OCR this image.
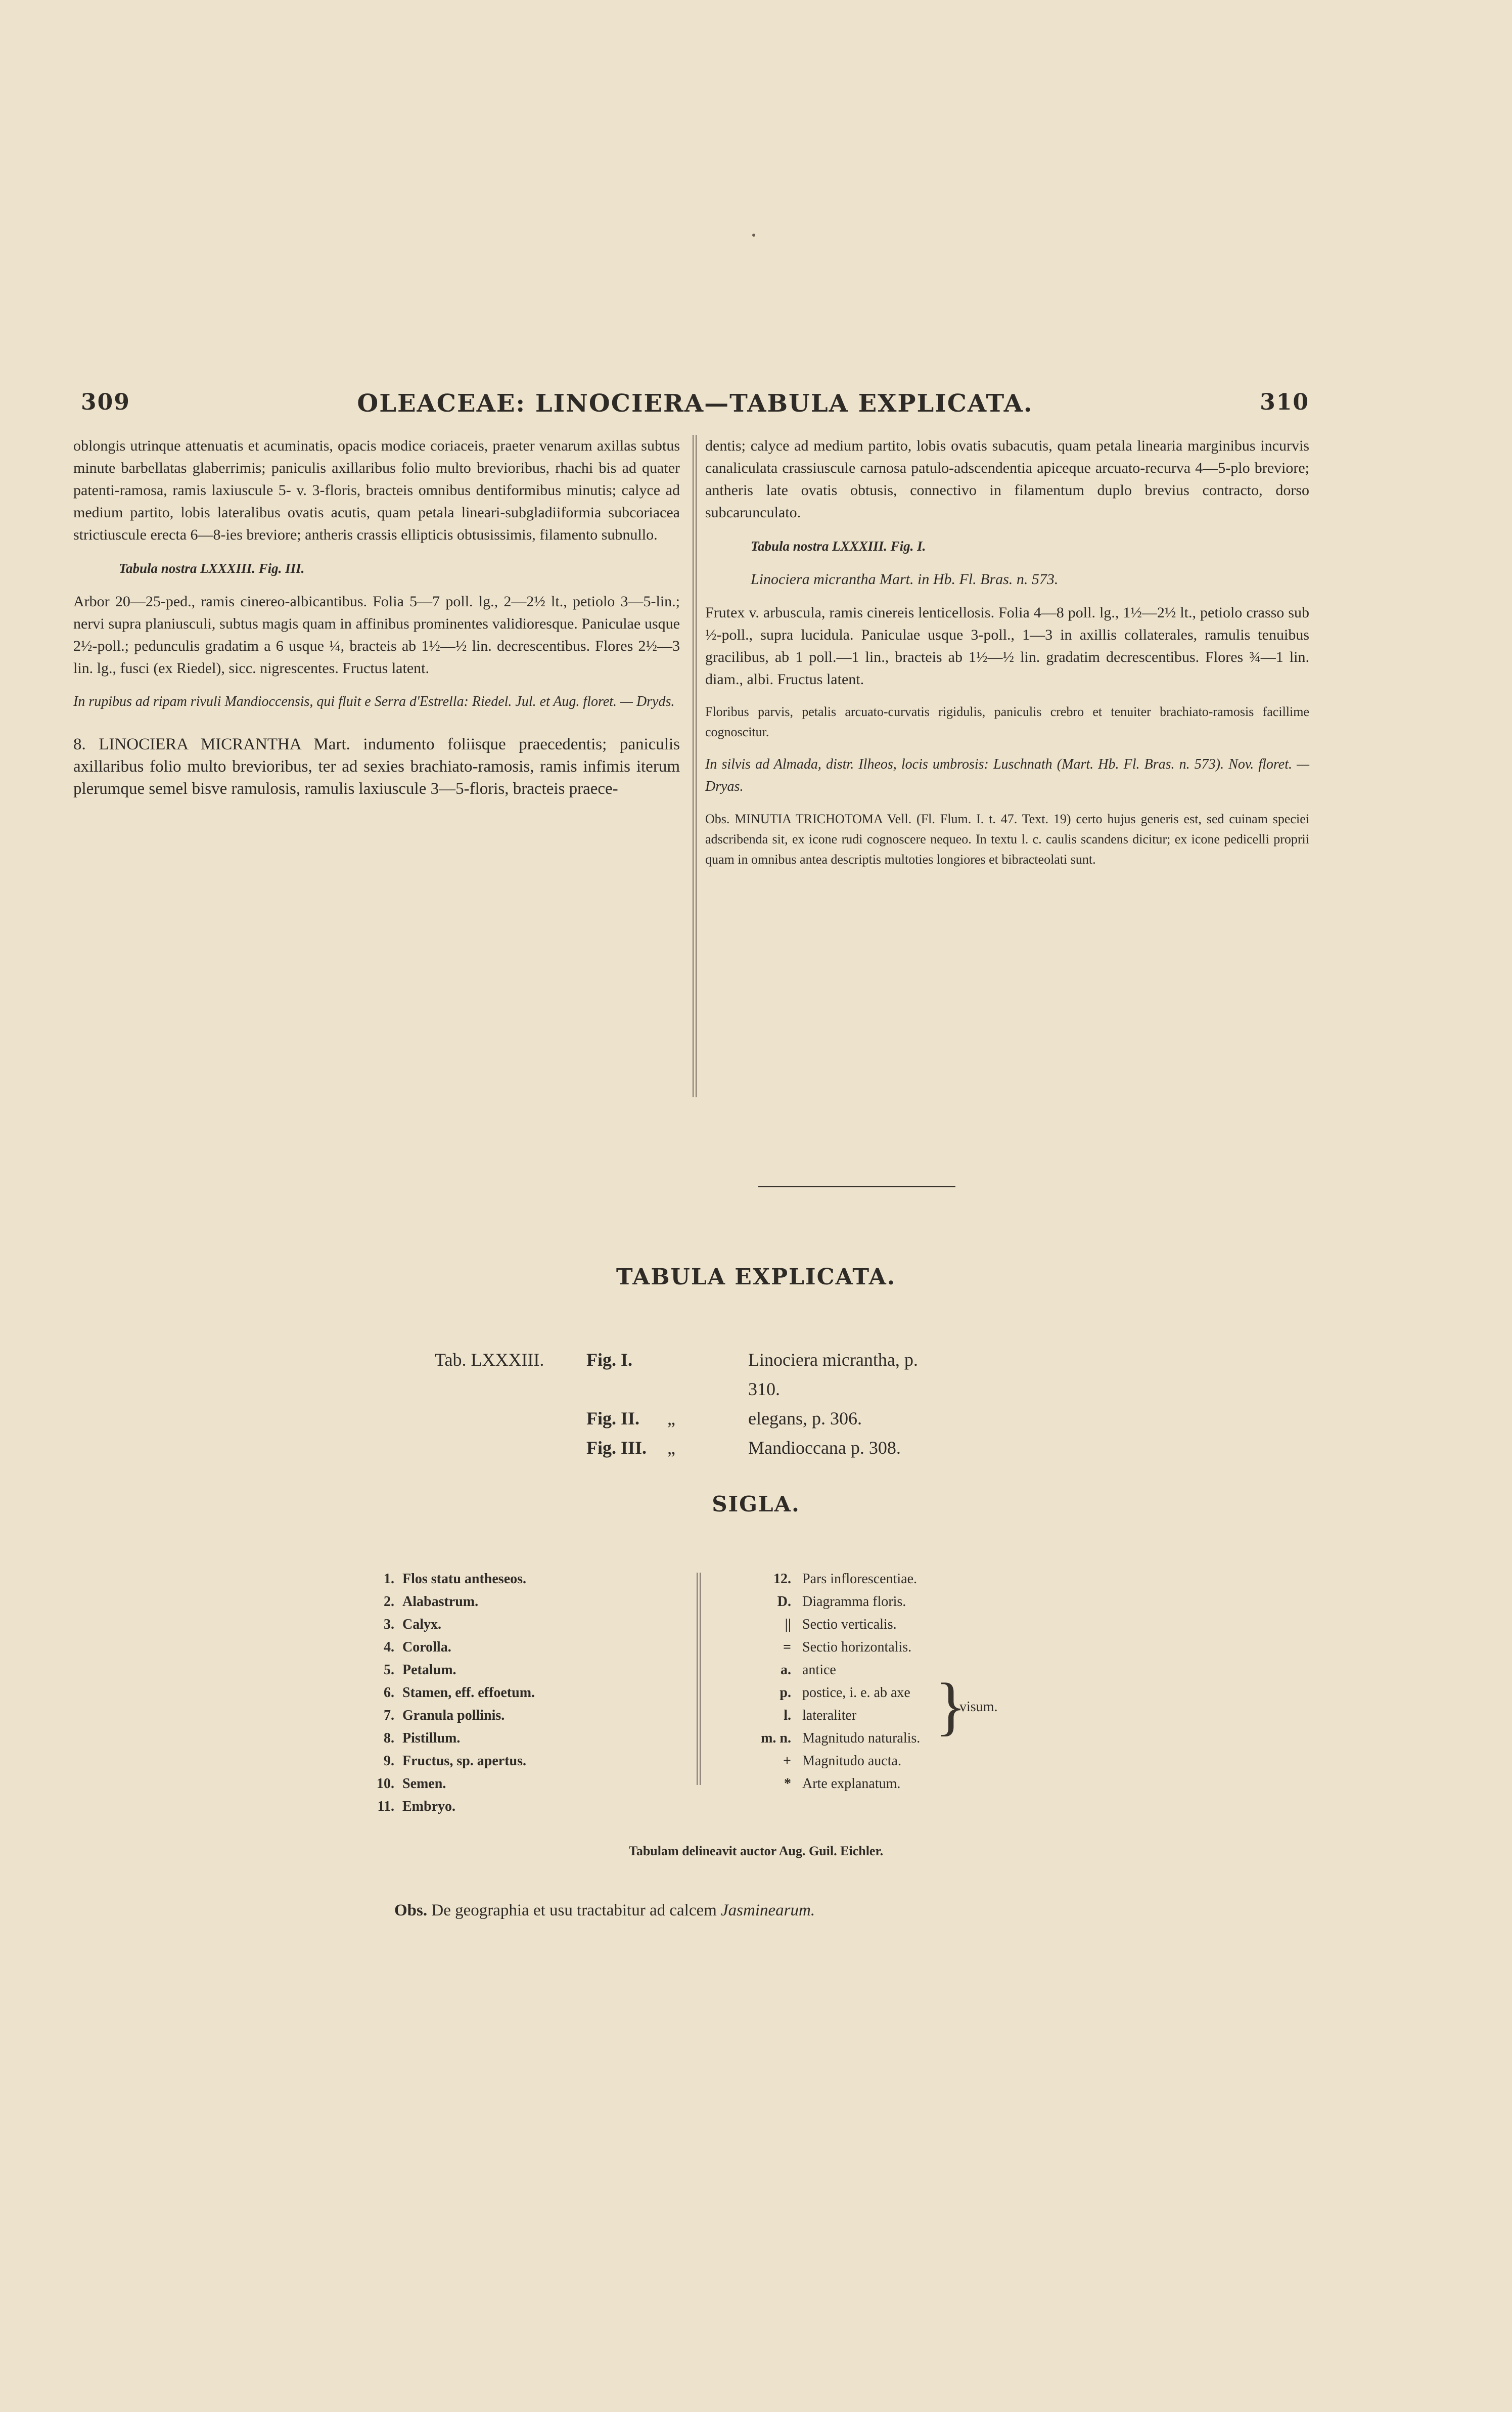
309	OLEACEAE: LINOCIERA—TABULA EXPLICATA.	310

oblongis utrinque attenuatis et acuminatis, opacis modice coriaceis, praeter venarum axillas subtus minute barbellatas glaberrimis; paniculis axillaribus folio multo brevioribus, rhachi bis ad quater patenti-ramosa, ramis laxiuscule 5- v. 3-floris, bracteis omnibus dentiformibus minutis; calyce ad medium partito, lobis lateralibus ovatis acutis, quam petala lineari-subgladiiformia subcoriacea strictiuscule erecta 6—8-ies breviore; antheris crassis ellipticis obtusissimis, filamento subnullo.

Tabula nostra LXXXIII. Fig. III.

Arbor 20—25-ped., ramis cinereo-albicantibus. Folia 5—7 poll. lg., 2—2½ lt., petiolo 3—5-lin.; nervi supra planiusculi, subtus magis quam in affinibus prominentes validioresque. Paniculae usque 2½-poll.; pedunculis gradatim a 6 usque ¼, bracteis ab 1½—½ lin. decrescentibus. Flores 2½—3 lin. lg., fusci (ex Riedel), sicc. nigrescentes. Fructus latent.

In rupibus ad ripam rivuli Mandioccensis, qui fluit e Serra d'Estrella: Riedel. Jul. et Aug. floret. — Dryds.

8. LINOCIERA MICRANTHA Mart. indumento foliisque praecedentis; paniculis axillaribus folio multo brevioribus, ter ad sexies brachiato-ramosis, ramis infimis iterum plerumque semel bisve ramulosis, ramulis laxiuscule 3—5-floris, bracteis praece-

dentis; calyce ad medium partito, lobis ovatis subacutis, quam petala linearia marginibus incurvis canaliculata crassiuscule carnosa patulo-adscendentia apiceque arcuato-recurva 4—5-plo breviore; antheris late ovatis obtusis, connectivo in filamentum duplo brevius contracto, dorso subcarunculato.

Tabula nostra LXXXIII. Fig. I.

Linociera micrantha Mart. in Hb. Fl. Bras. n. 573.

Frutex v. arbuscula, ramis cinereis lenticellosis. Folia 4—8 poll. lg., 1½—2½ lt., petiolo crasso sub ½-poll., supra lucidula. Paniculae usque 3-poll., 1—3 in axillis collaterales, ramulis tenuibus gracilibus, ab 1 poll.—1 lin., bracteis ab 1½—½ lin. gradatim decrescentibus. Flores ¾—1 lin. diam., albi. Fructus latent.

Floribus parvis, petalis arcuato-curvatis rigidulis, paniculis crebro et tenuiter brachiato-ramosis facillime cognoscitur.

In silvis ad Almada, distr. Ilheos, locis umbrosis: Luschnath (Mart. Hb. Fl. Bras. n. 573). Nov. floret. — Dryas.

Obs. MINUTIA TRICHOTOMA Vell. (Fl. Flum. I. t. 47. Text. 19) certo hujus generis est, sed cuinam speciei adscribenda sit, ex icone rudi cognoscere nequeo. In textu l. c. caulis scandens dicitur; ex icone pedicelli proprii quam in omnibus antea descriptis multoties longiores et bibracteolati sunt.

TABULA EXPLICATA.
Tab. LXXXIII.	Fig. I.	Linociera micrantha, p. 310.
Fig. II.	„	elegans, p. 306.
Fig. III.	„	Mandioccana p. 308.
SIGLA.
1. Flos statu antheseos.
2. Alabastrum.
3. Calyx.
4. Corolla.
5. Petalum.
6. Stamen, eff. effoetum.
7. Granula pollinis.
8. Pistillum.
9. Fructus, sp. apertus.
10. Semen.
11. Embryo.
12. Pars inflorescentiae.
D. Diagramma floris.
|| Sectio verticalis.
= Sectio horizontalis.
a. antice
p. postice, i. e. ab axe
l. lateraliter
m. n. Magnitudo naturalis.
+ Magnitudo aucta.
* Arte explanatum.
}
visum.
Tabulam delineavit auctor Aug. Guil. Eichler.
Obs. De geographia et usu tractabitur ad calcem Jasminearum.
